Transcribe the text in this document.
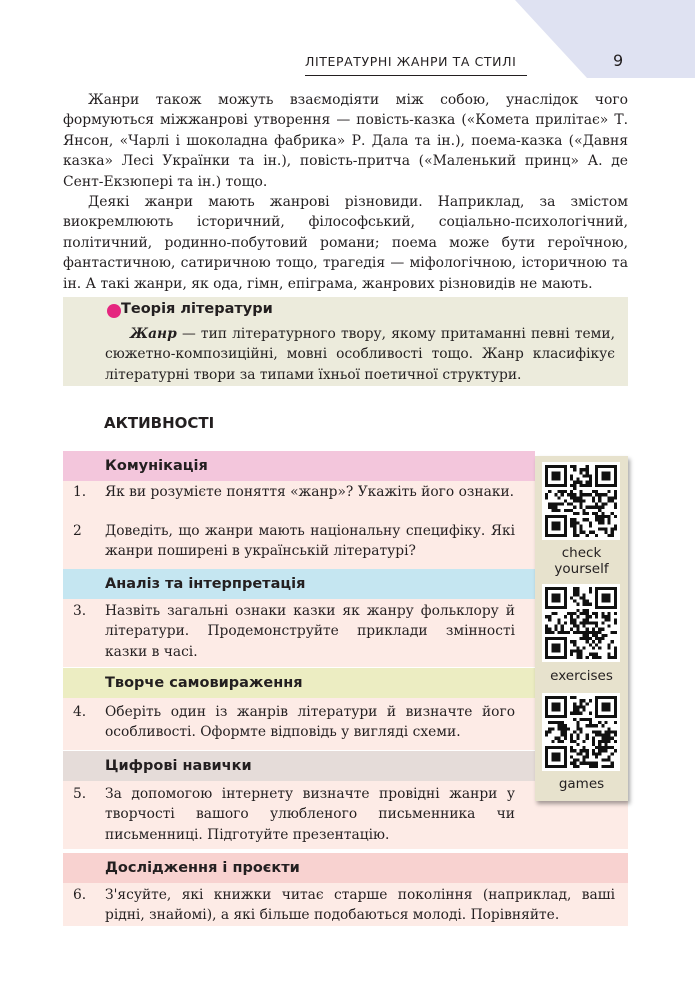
ЛІТЕРАТУРНІ ЖАНРИ ТА СТИЛІ	9

Жанри також можуть взаємодіяти між собою, унаслідок чого формуються міжжанрові утворення — повість-казка («Комета прилітає» Т. Янсон, «Чарлі і шоколадна фабрика» Р. Дала та ін.), поема-казка («Давня казка» Лесі Українки та ін.), повість-притча («Маленький принц» А. де Сент-Екзюпері та ін.) тощо.

Деякі жанри мають жанрові різновиди. Наприклад, за змістом виокремлюють історичний, філософський, соціально-психологічний, політичний, родинно-побутовий романи; поема може бути героїчною, фантастичною, сатиричною тощо, трагедія — міфологічною, історичною та ін. А такі жанри, як ода, гімн, епіграма, жанрових різновидів не мають.

Теорія літератури

Жанр — тип літературного твору, якому притаманні певні теми, сюжетно-композиційні, мовні особливості тощо. Жанр класифікує літературні твори за типами їхньої поетичної структури.

АКТИВНОСТІ
Комунікація
1. Як ви розумієте поняття «жанр»? Укажіть його ознаки.
2 Доведіть, що жанри мають національну специфіку. Які жанри поширені в українській літературі?
Аналіз та інтерпретація
3. Назвіть загальні ознаки казки як жанру фольклору й літератури. Продемонструйте приклади змінності казки в часі.
Творче самовираження
4. Оберіть один із жанрів літератури й визначте його особливості. Оформте відповідь у вигляді схеми.
Цифрові навички
5. За допомогою інтернету визначте провідні жанри у творчості вашого улюбленого письменника чи письменниці. Підготуйте презентацію.
Дослідження і проєкти
6. З'ясуйте, які книжки читає старше покоління (наприклад, ваші рідні, знайомі), а які більше подобаються молоді. Порівняйте.
check
yourself
exercises
games
